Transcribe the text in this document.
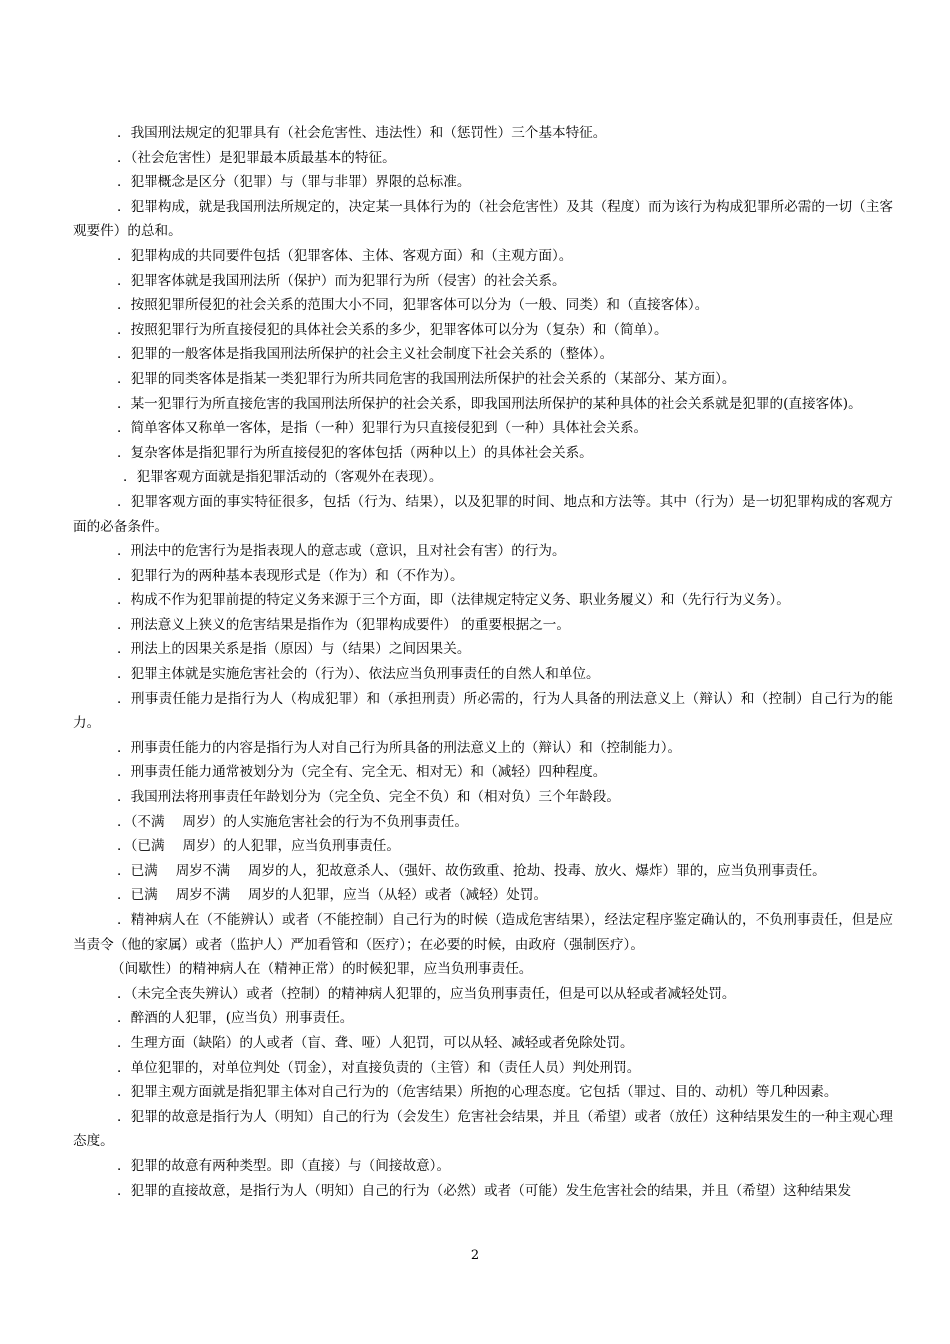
．我国刑法规定的犯罪具有（社会危害性、违法性）和（惩罚性）三个基本特征。

．（社会危害性）是犯罪最本质最基本的特征。

．犯罪概念是区分（犯罪）与（罪与非罪）界限的总标准。

．犯罪构成，就是我国刑法所规定的，决定某一具体行为的（社会危害性）及其（程度）而为该行为构成犯罪所必需的一切（主客观要件）的总和。

．犯罪构成的共同要件包括（犯罪客体、主体、客观方面）和（主观方面）。

．犯罪客体就是我国刑法所（保护）而为犯罪行为所（侵害）的社会关系。

．按照犯罪所侵犯的社会关系的范围大小不同，犯罪客体可以分为（一般、同类）和（直接客体）。

．按照犯罪行为所直接侵犯的具体社会关系的多少，犯罪客体可以分为（复杂）和（简单）。

．犯罪的一般客体是指我国刑法所保护的社会主义社会制度下社会关系的（整体）。

．犯罪的同类客体是指某一类犯罪行为所共同危害的我国刑法所保护的社会关系的（某部分、某方面）。

．某一犯罪行为所直接危害的我国刑法所保护的社会关系，即我国刑法所保护的某种具体的社会关系就是犯罪的(直接客体)。

．简单客体又称单一客体，是指（一种）犯罪行为只直接侵犯到（一种）具体社会关系。

．复杂客体是指犯罪行为所直接侵犯的客体包括（两种以上）的具体社会关系。

．犯罪客观方面就是指犯罪活动的（客观外在表现）。

．犯罪客观方面的事实特征很多，包括（行为、结果），以及犯罪的时间、地点和方法等。其中（行为）是一切犯罪构成的客观方面的必备条件。

．刑法中的危害行为是指表现人的意志或（意识，且对社会有害）的行为。

．犯罪行为的两种基本表现形式是（作为）和（不作为）。

．构成不作为犯罪前提的特定义务来源于三个方面，即（法律规定特定义务、职业务履义）和（先行行为义务）。

．刑法意义上狭义的危害结果是指作为（犯罪构成要件） 的重要根据之一。

．刑法上的因果关系是指（原因）与（结果）之间因果关。

．犯罪主体就是实施危害社会的（行为）、依法应当负刑事责任的自然人和单位。

．刑事责任能力是指行为人（构成犯罪）和（承担刑责）所必需的，行为人具备的刑法意义上（辩认）和（控制）自己行为的能力。

．刑事责任能力的内容是指行为人对自己行为所具备的刑法意义上的（辩认）和（控制能力）。

．刑事责任能力通常被划分为（完全有、完全无、相对无）和（减轻）四种程度。

．我国刑法将刑事责任年龄划分为（完全负、完全不负）和（相对负）三个年龄段。

．（不满　 周岁）的人实施危害社会的行为不负刑事责任。

．（已满　 周岁）的人犯罪，应当负刑事责任。

．已满　 周岁不满　 周岁的人，犯故意杀人、（强奸、故伤致重、抢劫、投毒、放火、爆炸）罪的，应当负刑事责任。

．已满　 周岁不满　 周岁的人犯罪，应当（从轻）或者（减轻）处罚。

．精神病人在（不能辨认）或者（不能控制）自己行为的时候（造成危害结果），经法定程序鉴定确认的，不负刑事责任，但是应当责令（他的家属）或者（监护人）严加看管和（医疗）；在必要的时候，由政府（强制医疗）。

（间歇性）的精神病人在（精神正常）的时候犯罪，应当负刑事责任。

．（未完全丧失辨认）或者（控制）的精神病人犯罪的，应当负刑事责任，但是可以从轻或者减轻处罚。

．醉酒的人犯罪，(应当负）刑事责任。

．生理方面（缺陷）的人或者（盲、聋、哑）人犯罚，可以从轻、减轻或者免除处罚。

．单位犯罪的，对单位判处（罚金），对直接负责的（主管）和（责任人员）判处刑罚。

．犯罪主观方面就是指犯罪主体对自己行为的（危害结果）所抱的心理态度。它包括（罪过、目的、动机）等几种因素。

．犯罪的故意是指行为人（明知）自己的行为（会发生）危害社会结果，并且（希望）或者（放任）这种结果发生的一种主观心理态度。

．犯罪的故意有两种类型。即（直接）与（间接故意）。

．犯罪的直接故意，是指行为人（明知）自己的行为（必然）或者（可能）发生危害社会的结果，并且（希望）这种结果发

2
